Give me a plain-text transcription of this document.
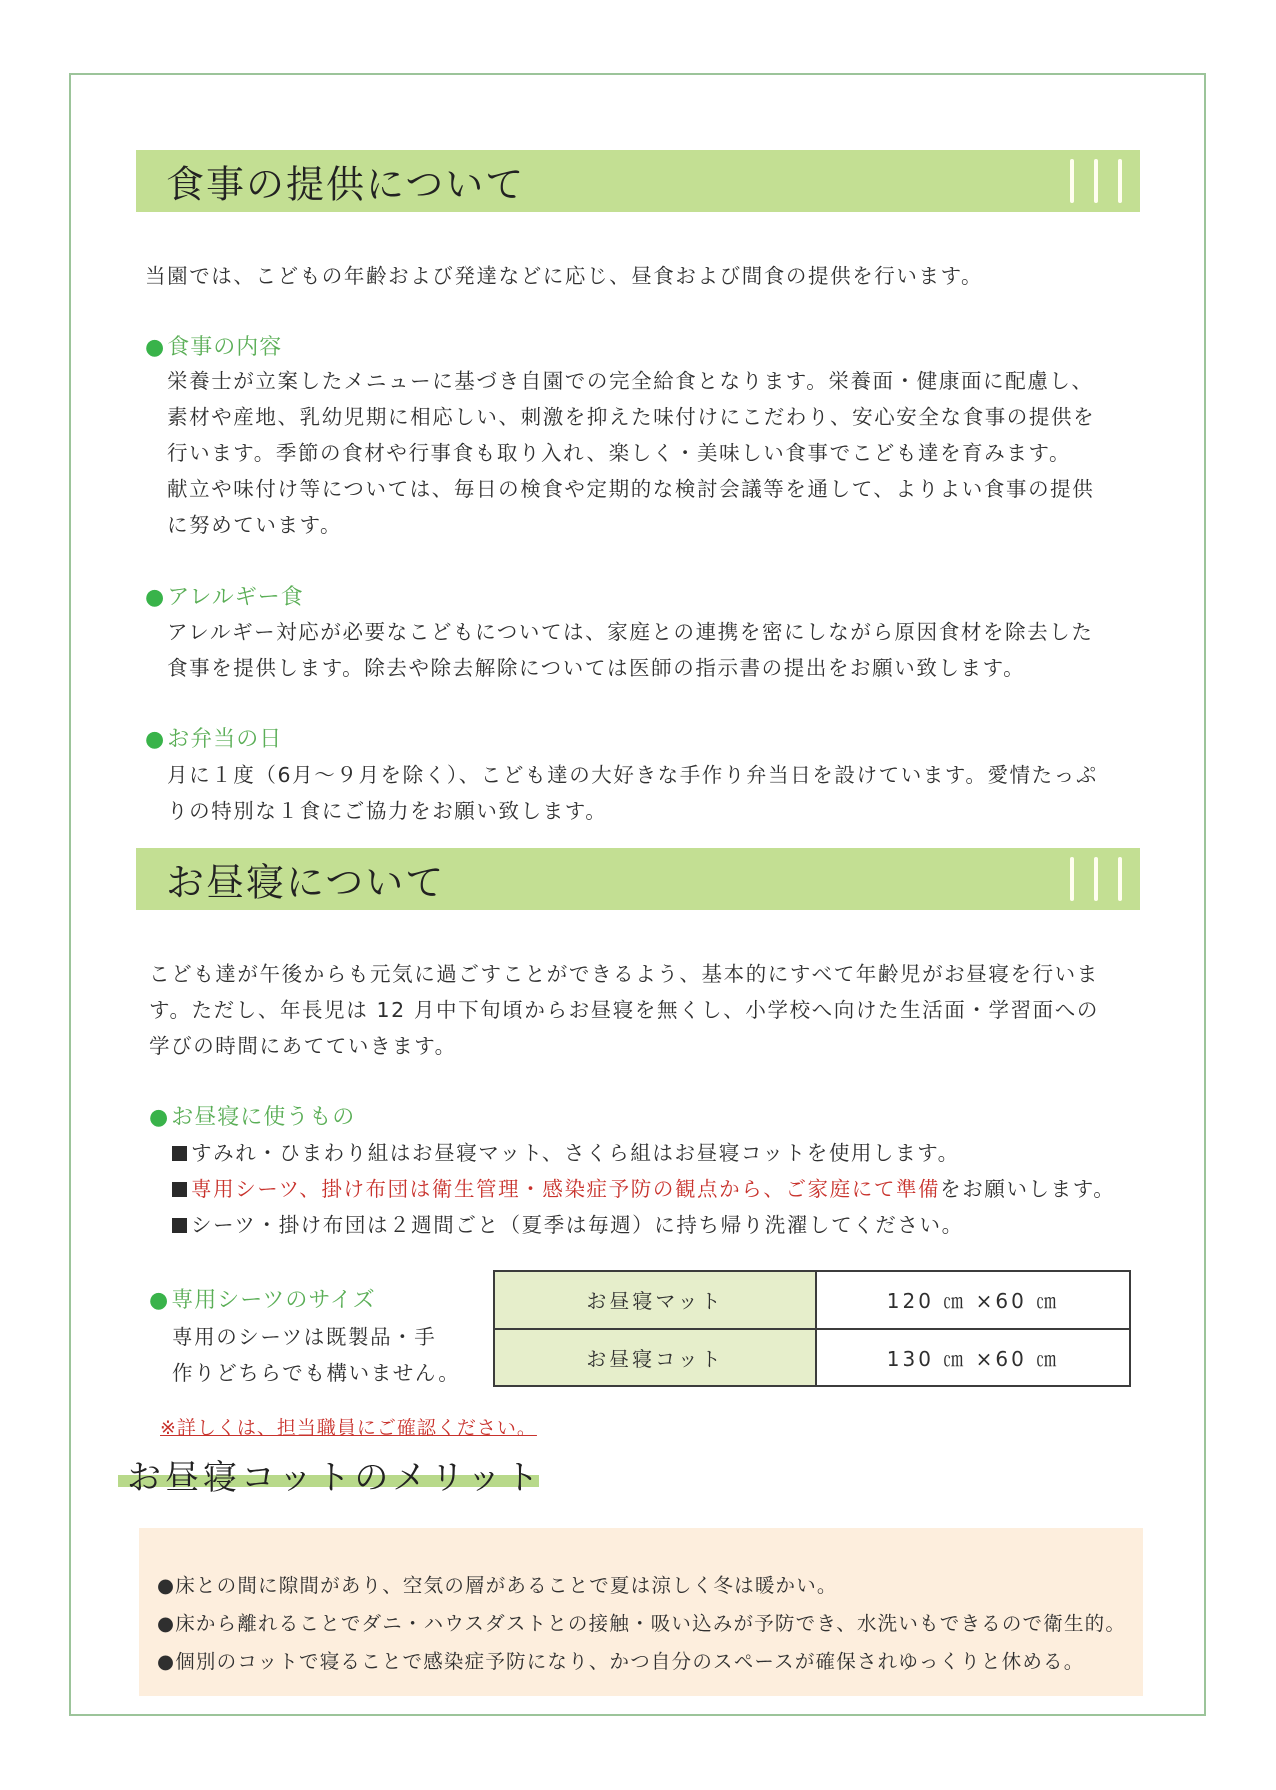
食事の提供について
当園では、こどもの年齢および発達などに応じ、昼食および間食の提供を行います。
●食事の内容
栄養士が立案したメニューに基づき自園での完全給食となります。栄養面・健康面に配慮し、
素材や産地、乳幼児期に相応しい、刺激を抑えた味付けにこだわり、安心安全な食事の提供を
行います。季節の食材や行事食も取り入れ、楽しく・美味しい食事でこども達を育みます。
献立や味付け等については、毎日の検食や定期的な検討会議等を通して、よりよい食事の提供
に努めています。
●アレルギー食
アレルギー対応が必要なこどもについては、家庭との連携を密にしながら原因食材を除去した
食事を提供します。除去や除去解除については医師の指示書の提出をお願い致します。
●お弁当の日
月に１度（6月～９月を除く）、こども達の大好きな手作り弁当日を設けています。愛情たっぷ
りの特別な１食にご協力をお願い致します。
お昼寝について
こども達が午後からも元気に過ごすことができるよう、基本的にすべて年齢児がお昼寝を行いま
す。ただし、年長児は 12 月中下旬頃からお昼寝を無くし、小学校へ向けた生活面・学習面への
学びの時間にあてていきます。
●お昼寝に使うもの
すみれ・ひまわり組はお昼寝マット、さくら組はお昼寝コットを使用します。
専用シーツ、掛け布団は衛生管理・感染症予防の観点から、ご家庭にて準備をお願いします。
シーツ・掛け布団は２週間ごと（夏季は毎週）に持ち帰り洗濯してください。
●専用シーツのサイズ
専用のシーツは既製品・手
作りどちらでも構いません。
お昼寝マット	120 ㎝ ×60 ㎝
お昼寝コット	130 ㎝ ×60 ㎝
※詳しくは、担当職員にご確認ください。
お昼寝コットのメリット
●床との間に隙間があり、空気の層があることで夏は涼しく冬は暖かい。
●床から離れることでダニ・ハウスダストとの接触・吸い込みが予防でき、水洗いもできるので衛生的。
●個別のコットで寝ることで感染症予防になり、かつ自分のスペースが確保されゆっくりと休める。
